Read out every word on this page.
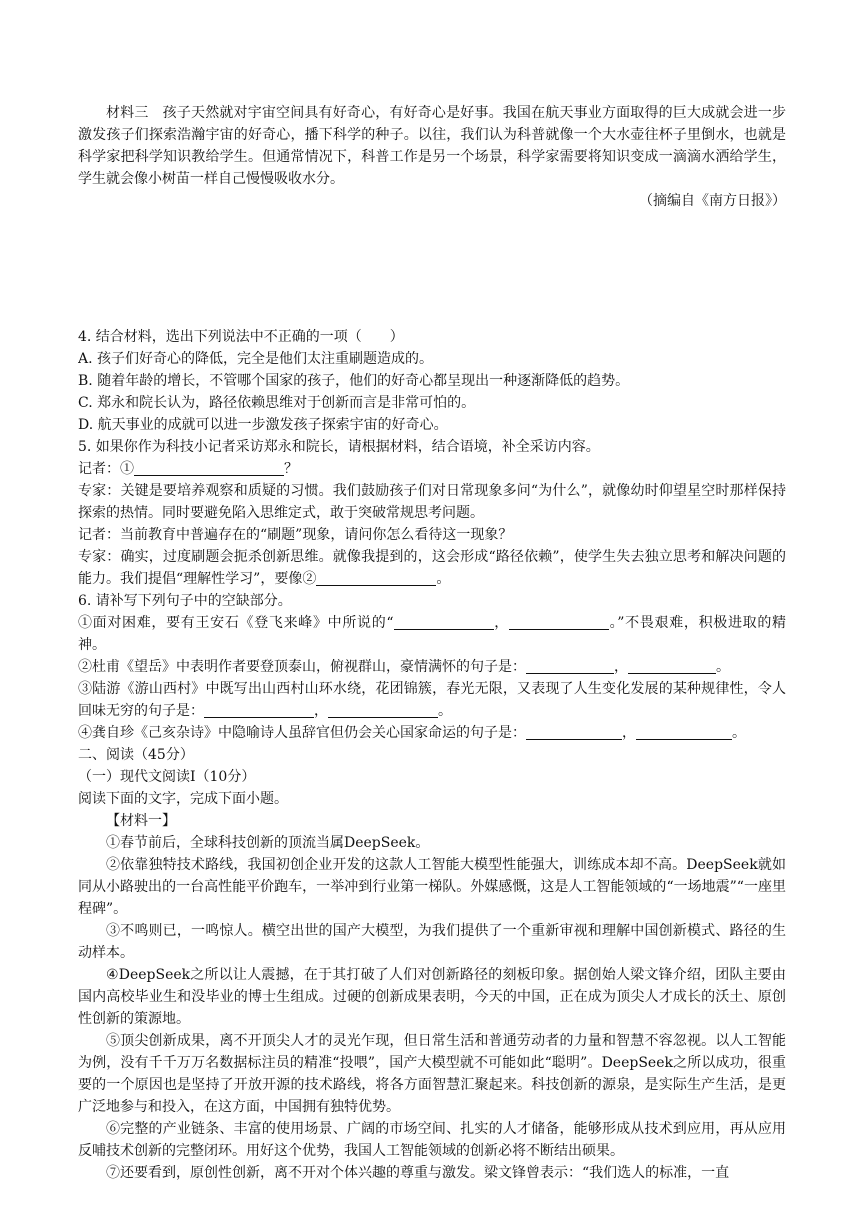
材料三　孩子天然就对宇宙空间具有好奇心，有好奇心是好事。我国在航天事业方面取得的巨大成就会进一步激发孩子们探索浩瀚宇宙的好奇心，播下科学的种子。以往，我们认为科普就像一个大水壶往杯子里倒水，也就是科学家把科学知识教给学生。但通常情况下，科普工作是另一个场景，科学家需要将知识变成一滴滴水洒给学生，学生就会像小树苗一样自己慢慢吸收水分。

（摘编自《南方日报》）

4. 结合材料，选出下列说法中不正确的一项（　　）
A. 孩子们好奇心的降低，完全是他们太注重刷题造成的。
B. 随着年龄的增长，不管哪个国家的孩子，他们的好奇心都呈现出一种逐渐降低的趋势。
C. 郑永和院长认为，路径依赖思维对于创新而言是非常可怕的。
D. 航天事业的成就可以进一步激发孩子探索宇宙的好奇心。
5. 如果你作为科技小记者采访郑永和院长，请根据材料，结合语境，补全采访内容。
记者：①	？

专家：关键是要培养观察和质疑的习惯。我们鼓励孩子们对日常现象多问“为什么”，就像幼时仰望星空时那样保持探索的热情。同时要避免陷入思维定式，敢于突破常规思考问题。

记者：当前教育中普遍存在的“刷题”现象，请问你怎么看待这一现象？

专家：确实，过度刷题会扼杀创新思维。就像我提到的，这会形成“路径依赖”，使学生失去独立思考和解决问题的能力。我们提倡“理解性学习”，要像②	。

6. 请补写下列句子中的空缺部分。

①面对困难，要有王安石《登飞来峰》中所说的“	，	。”不畏艰难，积极进取的精神。

②杜甫《望岳》中表明作者要登顶泰山，俯视群山，豪情满怀的句子是：	，	。

③陆游《游山西村》中既写出山西村山环水绕，花团锦簇，春光无限，又表现了人生变化发展的某种规律性，令人回味无穷的句子是：	，	。

④龚自珍《己亥杂诗》中隐喻诗人虽辞官但仍会关心国家命运的句子是：	，	。
二、阅读（45分）
（一）现代文阅读Ⅰ（10分）
阅读下面的文字，完成下面小题。

【材料一】

①春节前后，全球科技创新的顶流当属DeepSeek。

②依靠独特技术路线，我国初创企业开发的这款人工智能大模型性能强大，训练成本却不高。DeepSeek就如同从小路驶出的一台高性能平价跑车，一举冲到行业第一梯队。外媒感慨，这是人工智能领域的“一场地震”“一座里程碑”。

③不鸣则已，一鸣惊人。横空出世的国产大模型，为我们提供了一个重新审视和理解中国创新模式、路径的生动样本。

④DeepSeek之所以让人震撼，在于其打破了人们对创新路径的刻板印象。据创始人梁文锋介绍，团队主要由国内高校毕业生和没毕业的博士生组成。过硬的创新成果表明，今天的中国，正在成为顶尖人才成长的沃土、原创性创新的策源地。

⑤顶尖创新成果，离不开顶尖人才的灵光乍现，但日常生活和普通劳动者的力量和智慧不容忽视。以人工智能为例，没有千千万万名数据标注员的精准“投喂”，国产大模型就不可能如此“聪明”。DeepSeek之所以成功，很重要的一个原因也是坚持了开放开源的技术路线，将各方面智慧汇聚起来。科技创新的源泉，是实际生产生活，是更广泛地参与和投入，在这方面，中国拥有独特优势。

⑥完整的产业链条、丰富的使用场景、广阔的市场空间、扎实的人才储备，能够形成从技术到应用，再从应用反哺技术创新的完整闭环。用好这个优势，我国人工智能领域的创新必将不断结出硕果。

⑦还要看到，原创性创新，离不开对个体兴趣的尊重与激发。梁文锋曾表示：“我们选人的标准，一直
